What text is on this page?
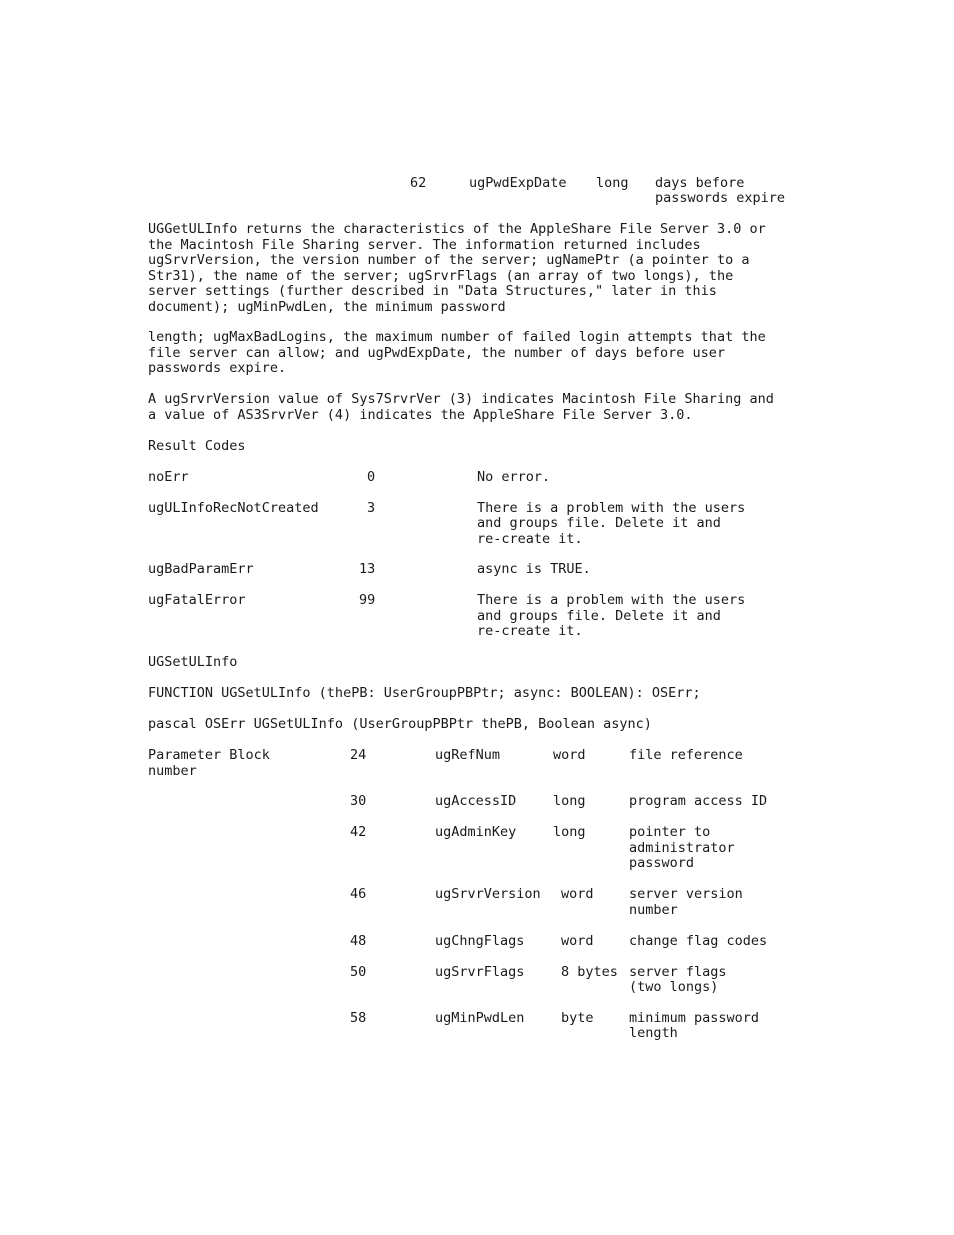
62	ugPwdExpDate long days before
passwords expire
UGGetULInfo returns the characteristics of the AppleShare File Server 3.0 or
the Macintosh File Sharing server. The information returned includes
ugSrvrVersion, the version number of the server; ugNamePtr (a pointer to a
Str31), the name of the server; ugSrvrFlags (an array of two longs), the
server settings (further described in "Data Structures," later in this
document); ugMinPwdLen, the minimum password
length; ugMaxBadLogins, the maximum number of failed login attempts that the
file server can allow; and ugPwdExpDate, the number of days before user
passwords expire.
A ugSrvrVersion value of Sys7SrvrVer (3) indicates Macintosh File Sharing and
a value of AS3SrvrVer (4) indicates the AppleShare File Server 3.0.
Result Codes
noErr	0	No error.
ugULInfoRecNotCreated	3	There is a problem with the users
and groups file. Delete it and
re-create it.
ugBadParamErr	13	async is TRUE.
ugFatalError	99	There is a problem with the users
and groups file. Delete it and
re-create it.
UGSetULInfo
FUNCTION UGSetULInfo (thePB: UserGroupPBPtr; async: BOOLEAN): OSErr;
pascal OSErr UGSetULInfo (UserGroupPBPtr thePB, Boolean async)
Parameter Block
number
24	ugRefNum	word	file reference
30	ugAccessID	long	program access ID
42	ugAdminKey	long	pointer to
administrator
password
46	ugSrvrVersion word	server version
number
48	ugChngFlags	word	change flag codes
50	ugSrvrFlags	8 bytes server flags
(two longs)
58	ugMinPwdLen	byte	minimum password
length
